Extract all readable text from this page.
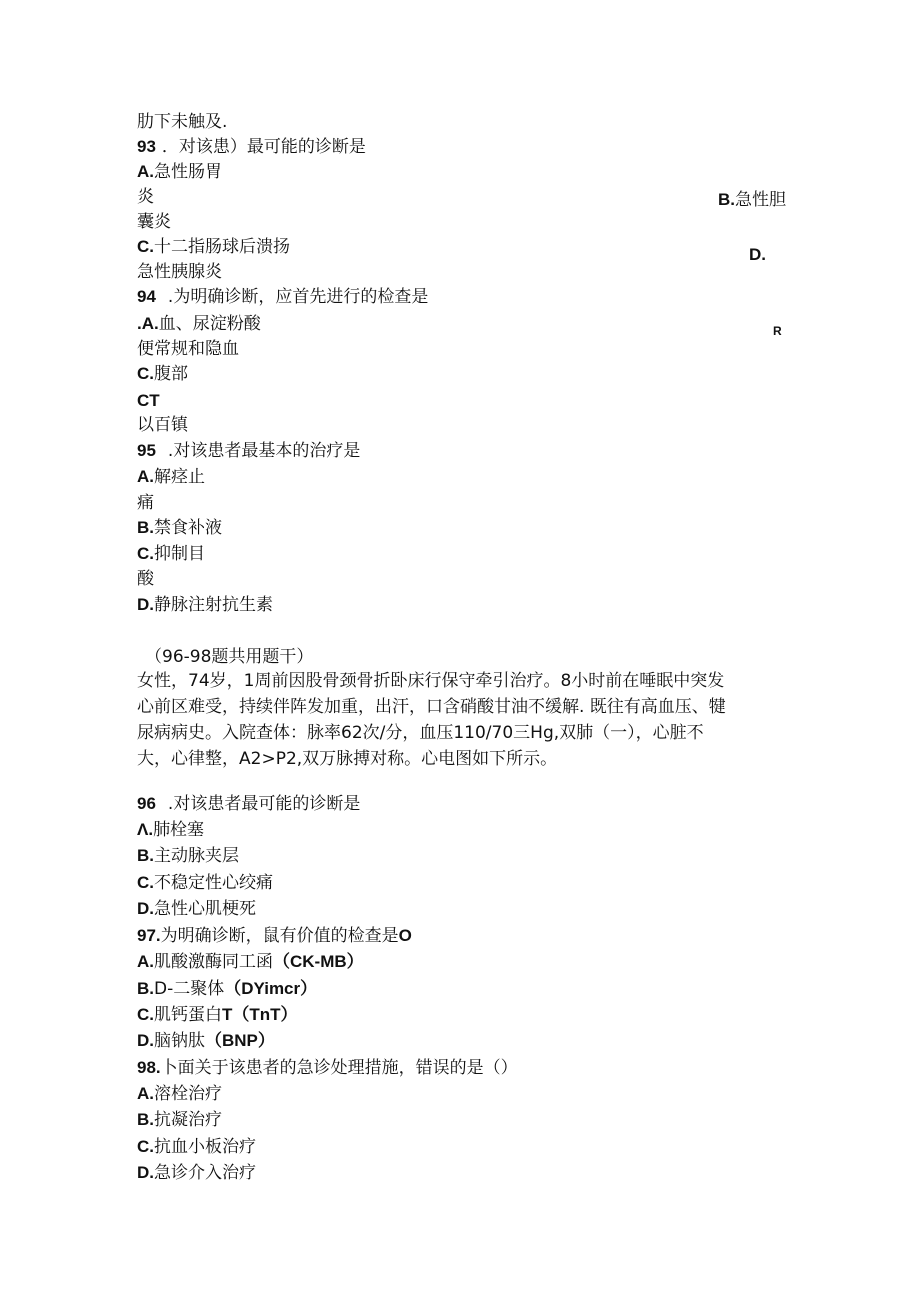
肋下未触及.
93 ．对该患）最可能的诊断是
A.急性肠胃
炎	B.急性胆
囊炎
C.十二指肠球后溃扬	D.
急性胰腺炎
94 .为明确诊断，应首先进行的检查是
.A.血、尿淀粉酸	R
便常规和隐血
C.腹部
CT
以百镇
95 .对该患者最基本的治疗是
A.解痉止
痛
B.禁食补液
C.抑制目
酸
D.静脉注射抗生素
（96-98题共用题干）
女性，74岁，1周前因股骨颈骨折卧床行保守牵引治疗。8小时前在唾眠中突发
心前区难受，持续伴阵发加重，出汗，口含硝酸甘油不缓解. 既往有高血压、犍
尿病病史。入院查体：脉率62次/分，血压110/70三Hg,双肺（一），心脏不
大，心律整，A2>P2,双万脉搏对称。心电图如下所示。
96 .对该患者最可能的诊断是
Λ.肺栓塞
B.主动脉夹层
C.不稳定性心绞痛
D.急性心肌梗死
97.为明确诊断，鼠有价值的检查是O
A.肌酸激酶同工函（CK-MB）
B.D-二聚体（DYimcr）
C.肌钙蛋白T（TnT）
D.脑钠肽（BNP）
98.卜面关于该患者的急诊处理措施，错误的是（）
A.溶栓治疗
B.抗凝治疗
C.抗血小板治疗
D.急诊介入治疗
